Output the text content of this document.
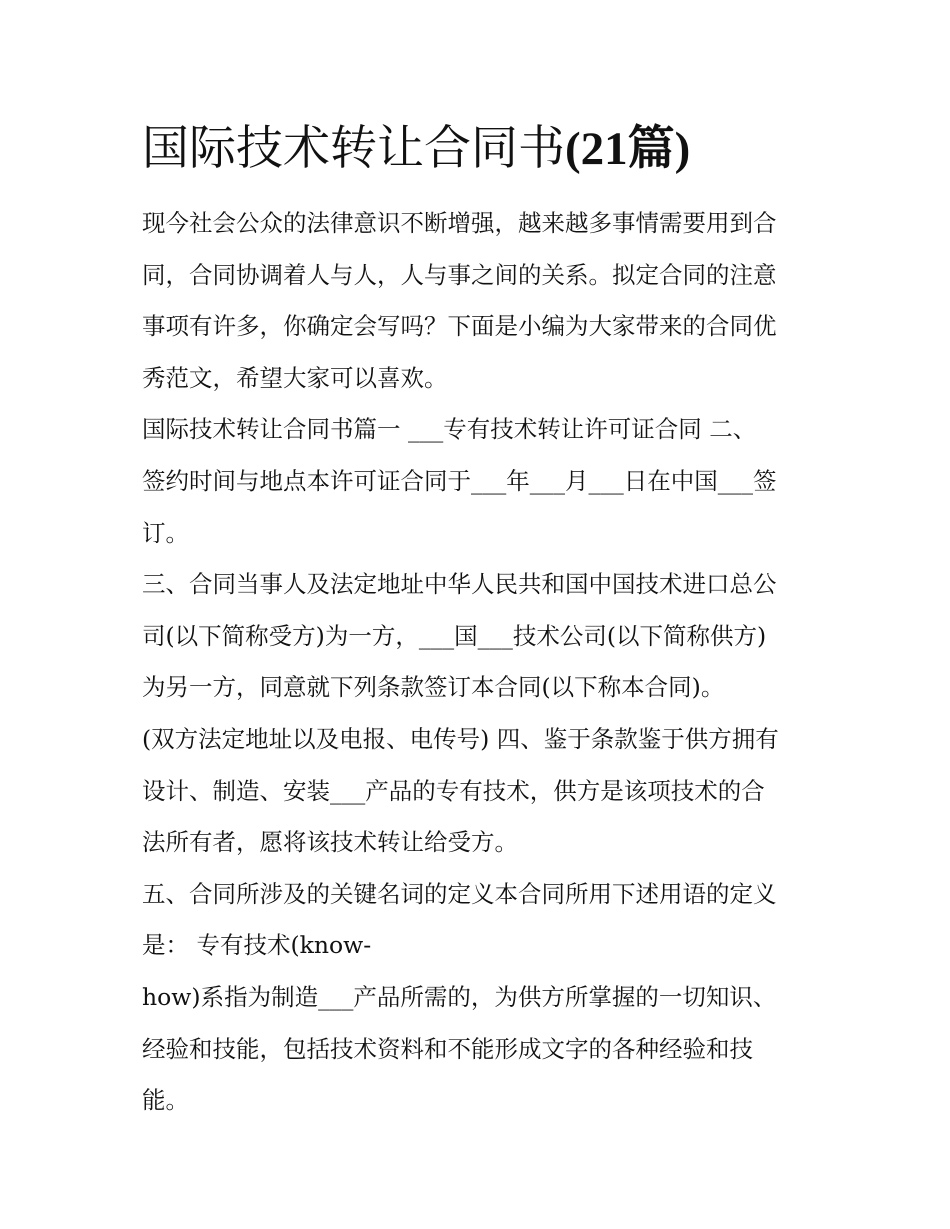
国际技术转让合同书(21篇)
现今社会公众的法律意识不断增强，越来越多事情需要用到合
同，合同协调着人与人，人与事之间的关系。拟定合同的注意
事项有许多，你确定会写吗？下面是小编为大家带来的合同优
秀范文，希望大家可以喜欢。
国际技术转让合同书篇一 ___专有技术转让许可证合同 二、
签约时间与地点本许可证合同于___年___月___日在中国___签
订。
三、合同当事人及法定地址中华人民共和国中国技术进口总公
司(以下简称受方)为一方，___国___技术公司(以下简称供方)
为另一方，同意就下列条款签订本合同(以下称本合同)。
(双方法定地址以及电报、电传号) 四、鉴于条款鉴于供方拥有
设计、制造、安装___产品的专有技术，供方是该项技术的合
法所有者，愿将该技术转让给受方。
五、合同所涉及的关键名词的定义本合同所用下述用语的定义
是： 专有技术(know-
how)系指为制造___产品所需的，为供方所掌握的一切知识、
经验和技能，包括技术资料和不能形成文字的各种经验和技
能。
